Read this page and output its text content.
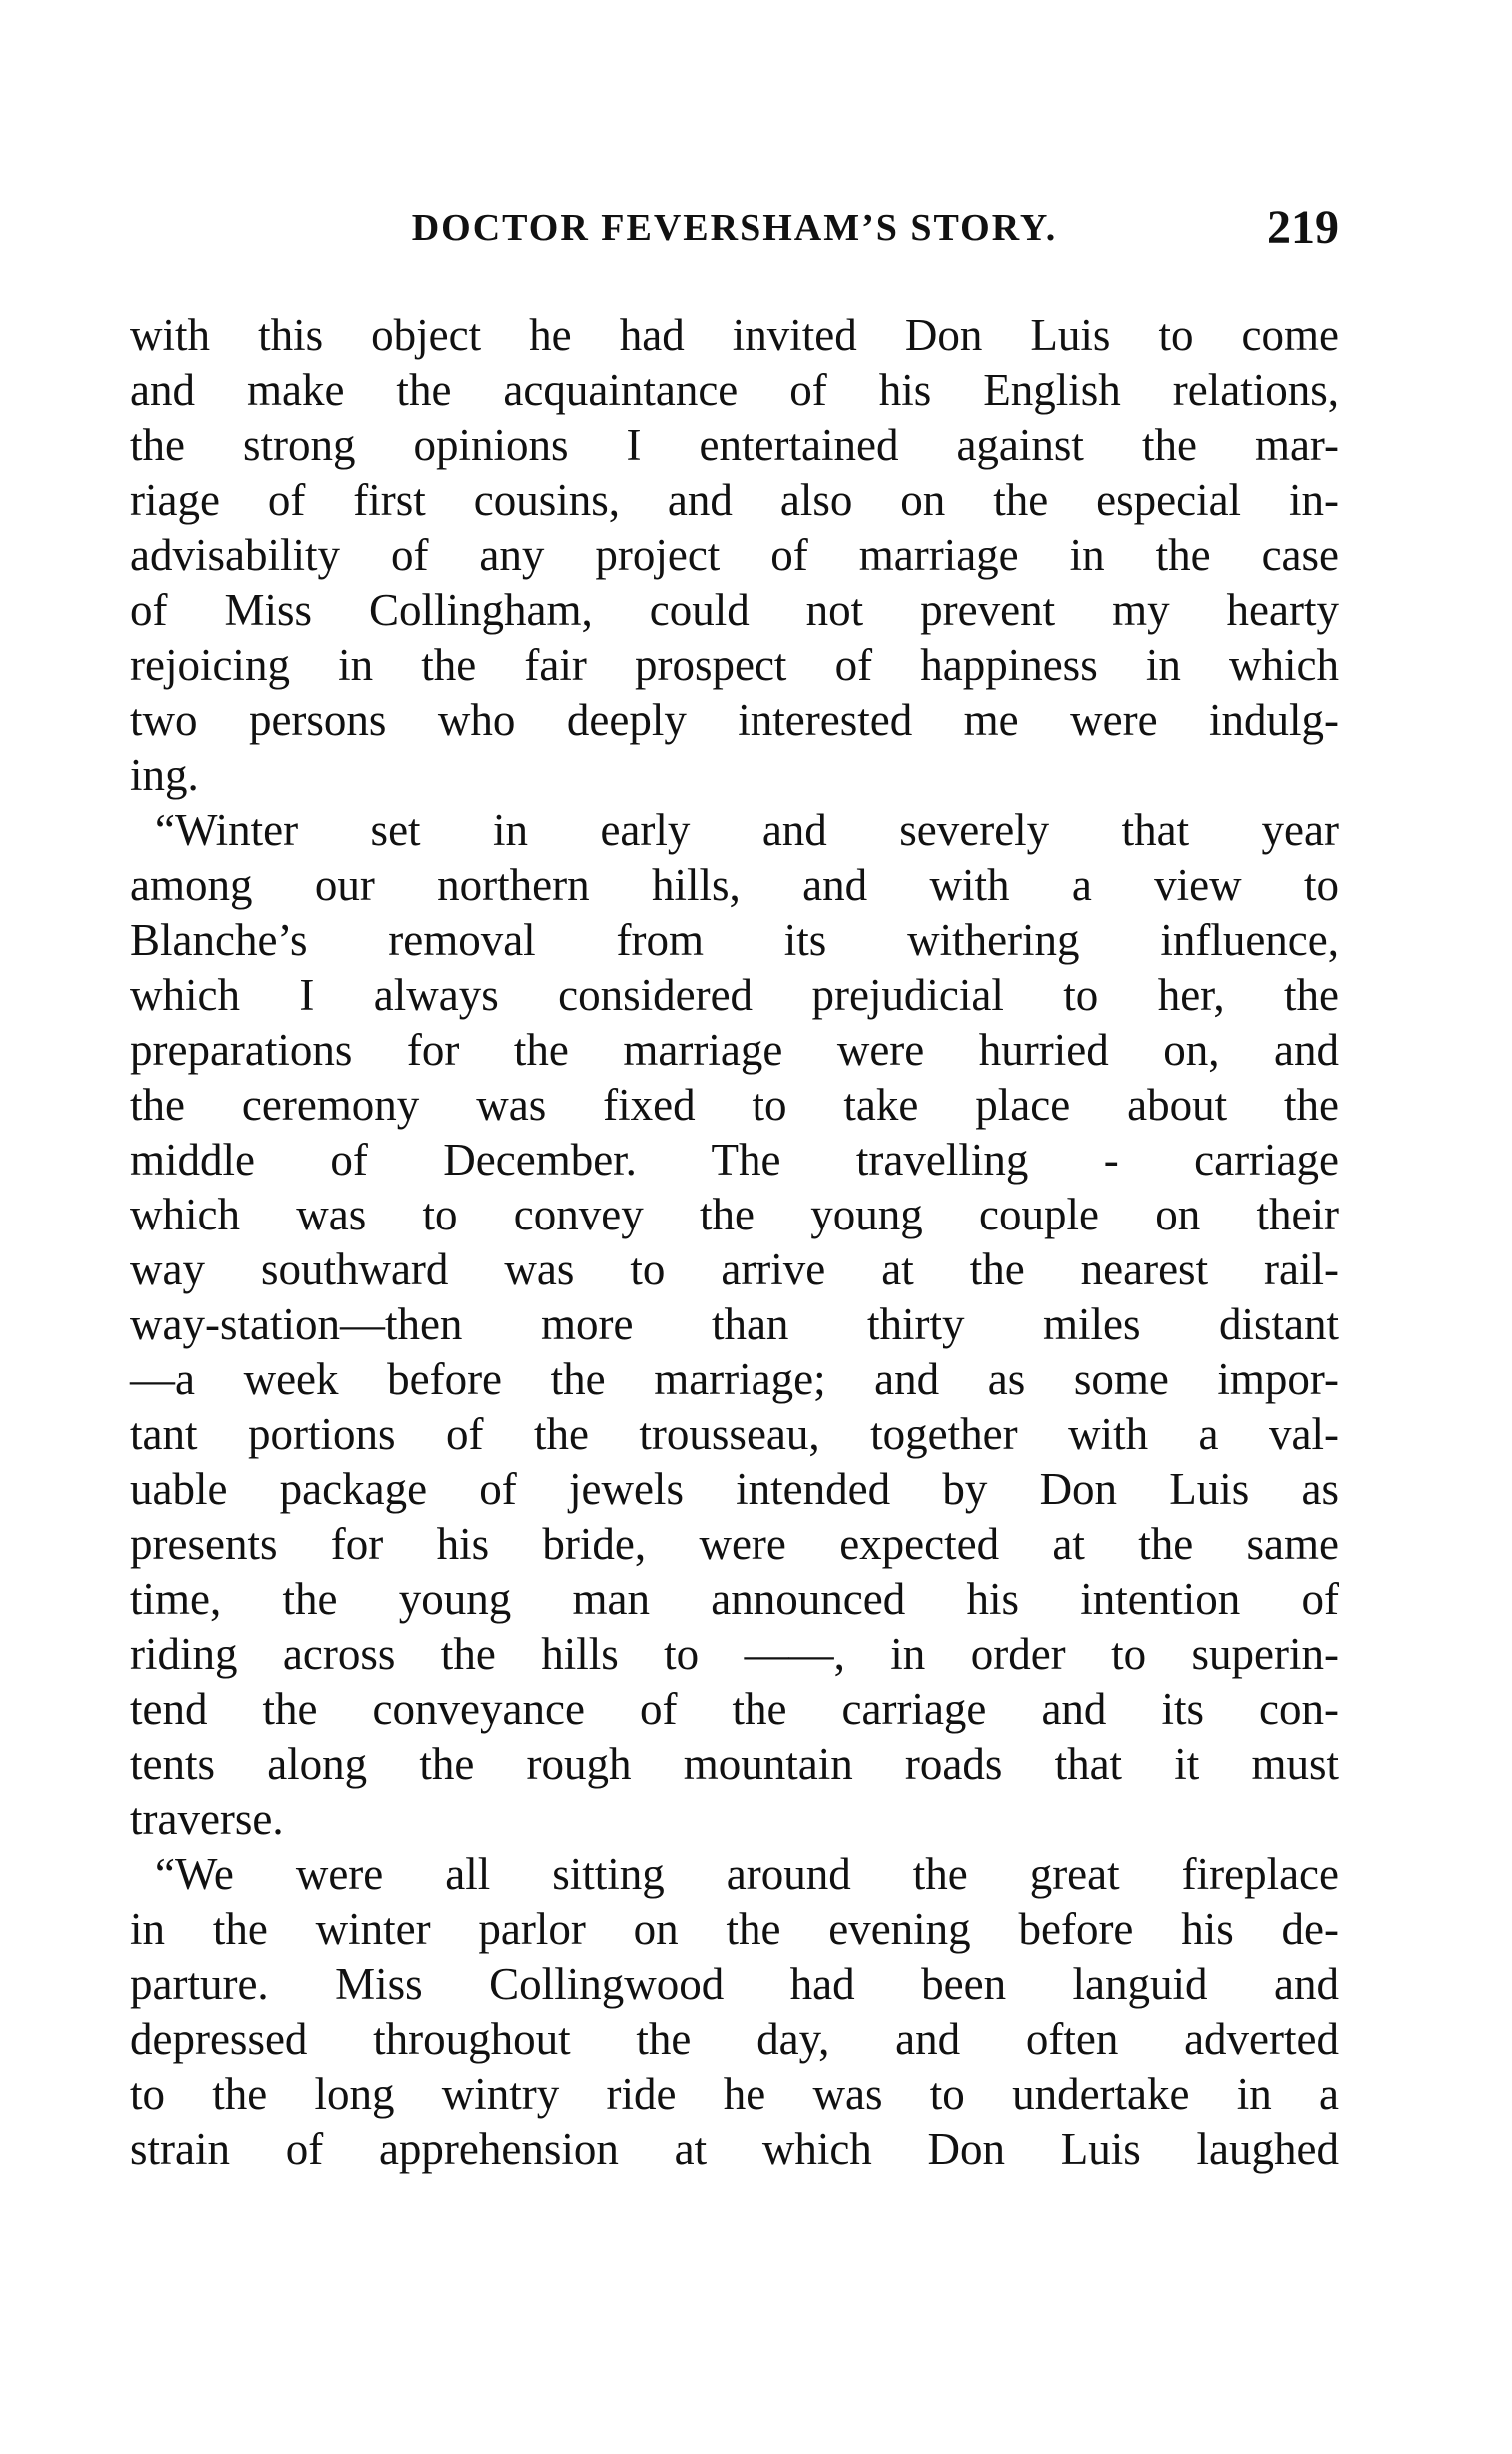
DOCTOR FEVERSHAM’S STORY.	219
with this object he had invited Don Luis to come
and make the acquaintance of his English relations,
the strong opinions I entertained against the mar-
riage of first cousins, and also on the especial in-
advisability of any project of marriage in the case
of Miss Collingham, could not prevent my hearty
rejoicing in the fair prospect of happiness in which
two persons who deeply interested me were indulg-
ing.
“Winter set in early and severely that year
among our northern hills, and with a view to
Blanche’s removal from its withering influence,
which I always considered prejudicial to her, the
preparations for the marriage were hurried on, and
the ceremony was fixed to take place about the
middle of December. The travelling - carriage
which was to convey the young couple on their
way southward was to arrive at the nearest rail-
way-station—then more than thirty miles distant
—a week before the marriage; and as some impor-
tant portions of the trousseau, together with a val-
uable package of jewels intended by Don Luis as
presents for his bride, were expected at the same
time, the young man announced his intention of
riding across the hills to ——, in order to superin-
tend the conveyance of the carriage and its con-
tents along the rough mountain roads that it must
traverse.
“We were all sitting around the great fireplace
in the winter parlor on the evening before his de-
parture. Miss Collingwood had been languid and
depressed throughout the day, and often adverted
to the long wintry ride he was to undertake in a
strain of apprehension at which Don Luis laughed
